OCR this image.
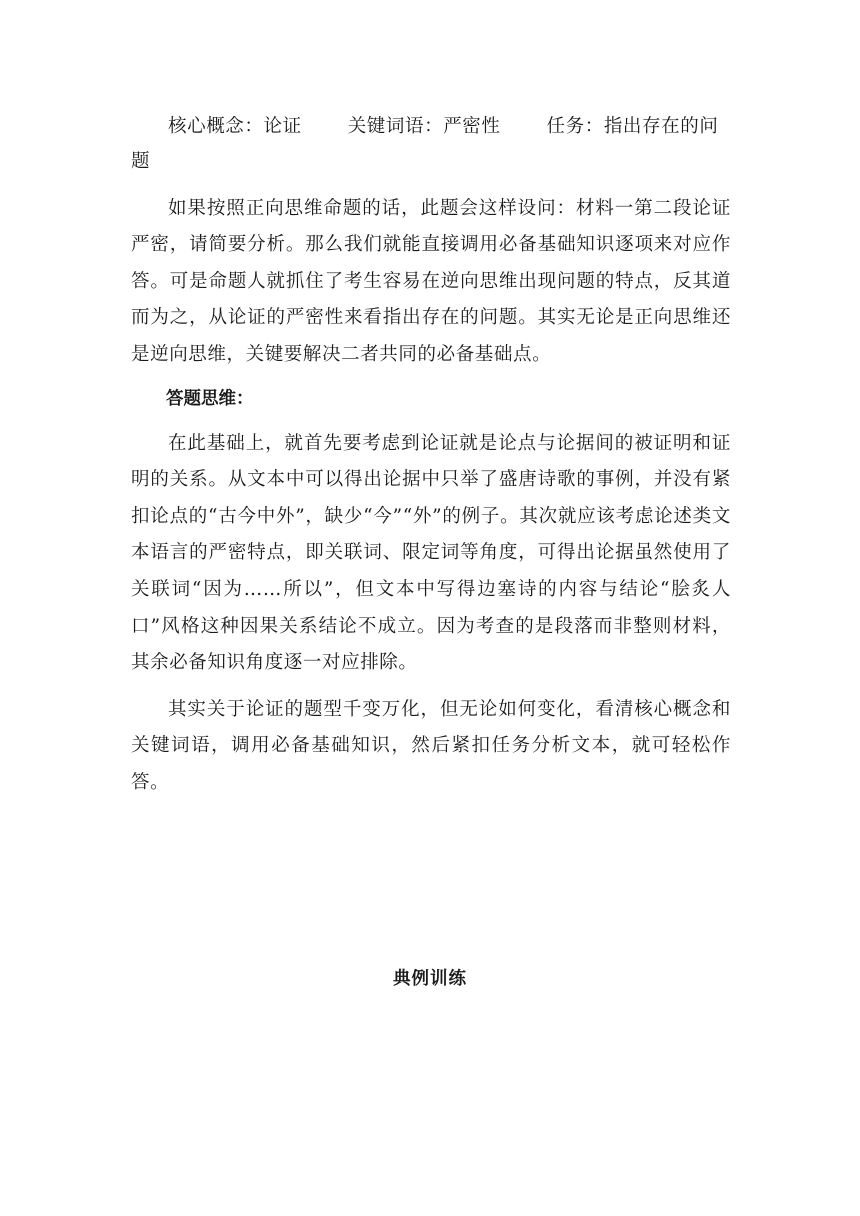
核心概念：论证 关键词语：严密性 任务：指出存在的问

题

如果按照正向思维命题的话，此题会这样设问：材料一第二段论证严密，请简要分析。那么我们就能直接调用必备基础知识逐项来对应作答。可是命题人就抓住了考生容易在逆向思维出现问题的特点，反其道而为之，从论证的严密性来看指出存在的问题。其实无论是正向思维还是逆向思维，关键要解决二者共同的必备基础点。

答题思维：

在此基础上，就首先要考虑到论证就是论点与论据间的被证明和证明的关系。从文本中可以得出论据中只举了盛唐诗歌的事例，并没有紧扣论点的“古今中外”，缺少“今”“外”的例子。其次就应该考虑论述类文本语言的严密特点，即关联词、限定词等角度，可得出论据虽然使用了关联词“因为……所以”，但文本中写得边塞诗的内容与结论“脍炙人口”风格这种因果关系结论不成立。因为考查的是段落而非整则材料，其余必备知识角度逐一对应排除。

其实关于论证的题型千变万化，但无论如何变化，看清核心概念和关键词语，调用必备基础知识，然后紧扣任务分析文本，就可轻松作答。

典例训练
